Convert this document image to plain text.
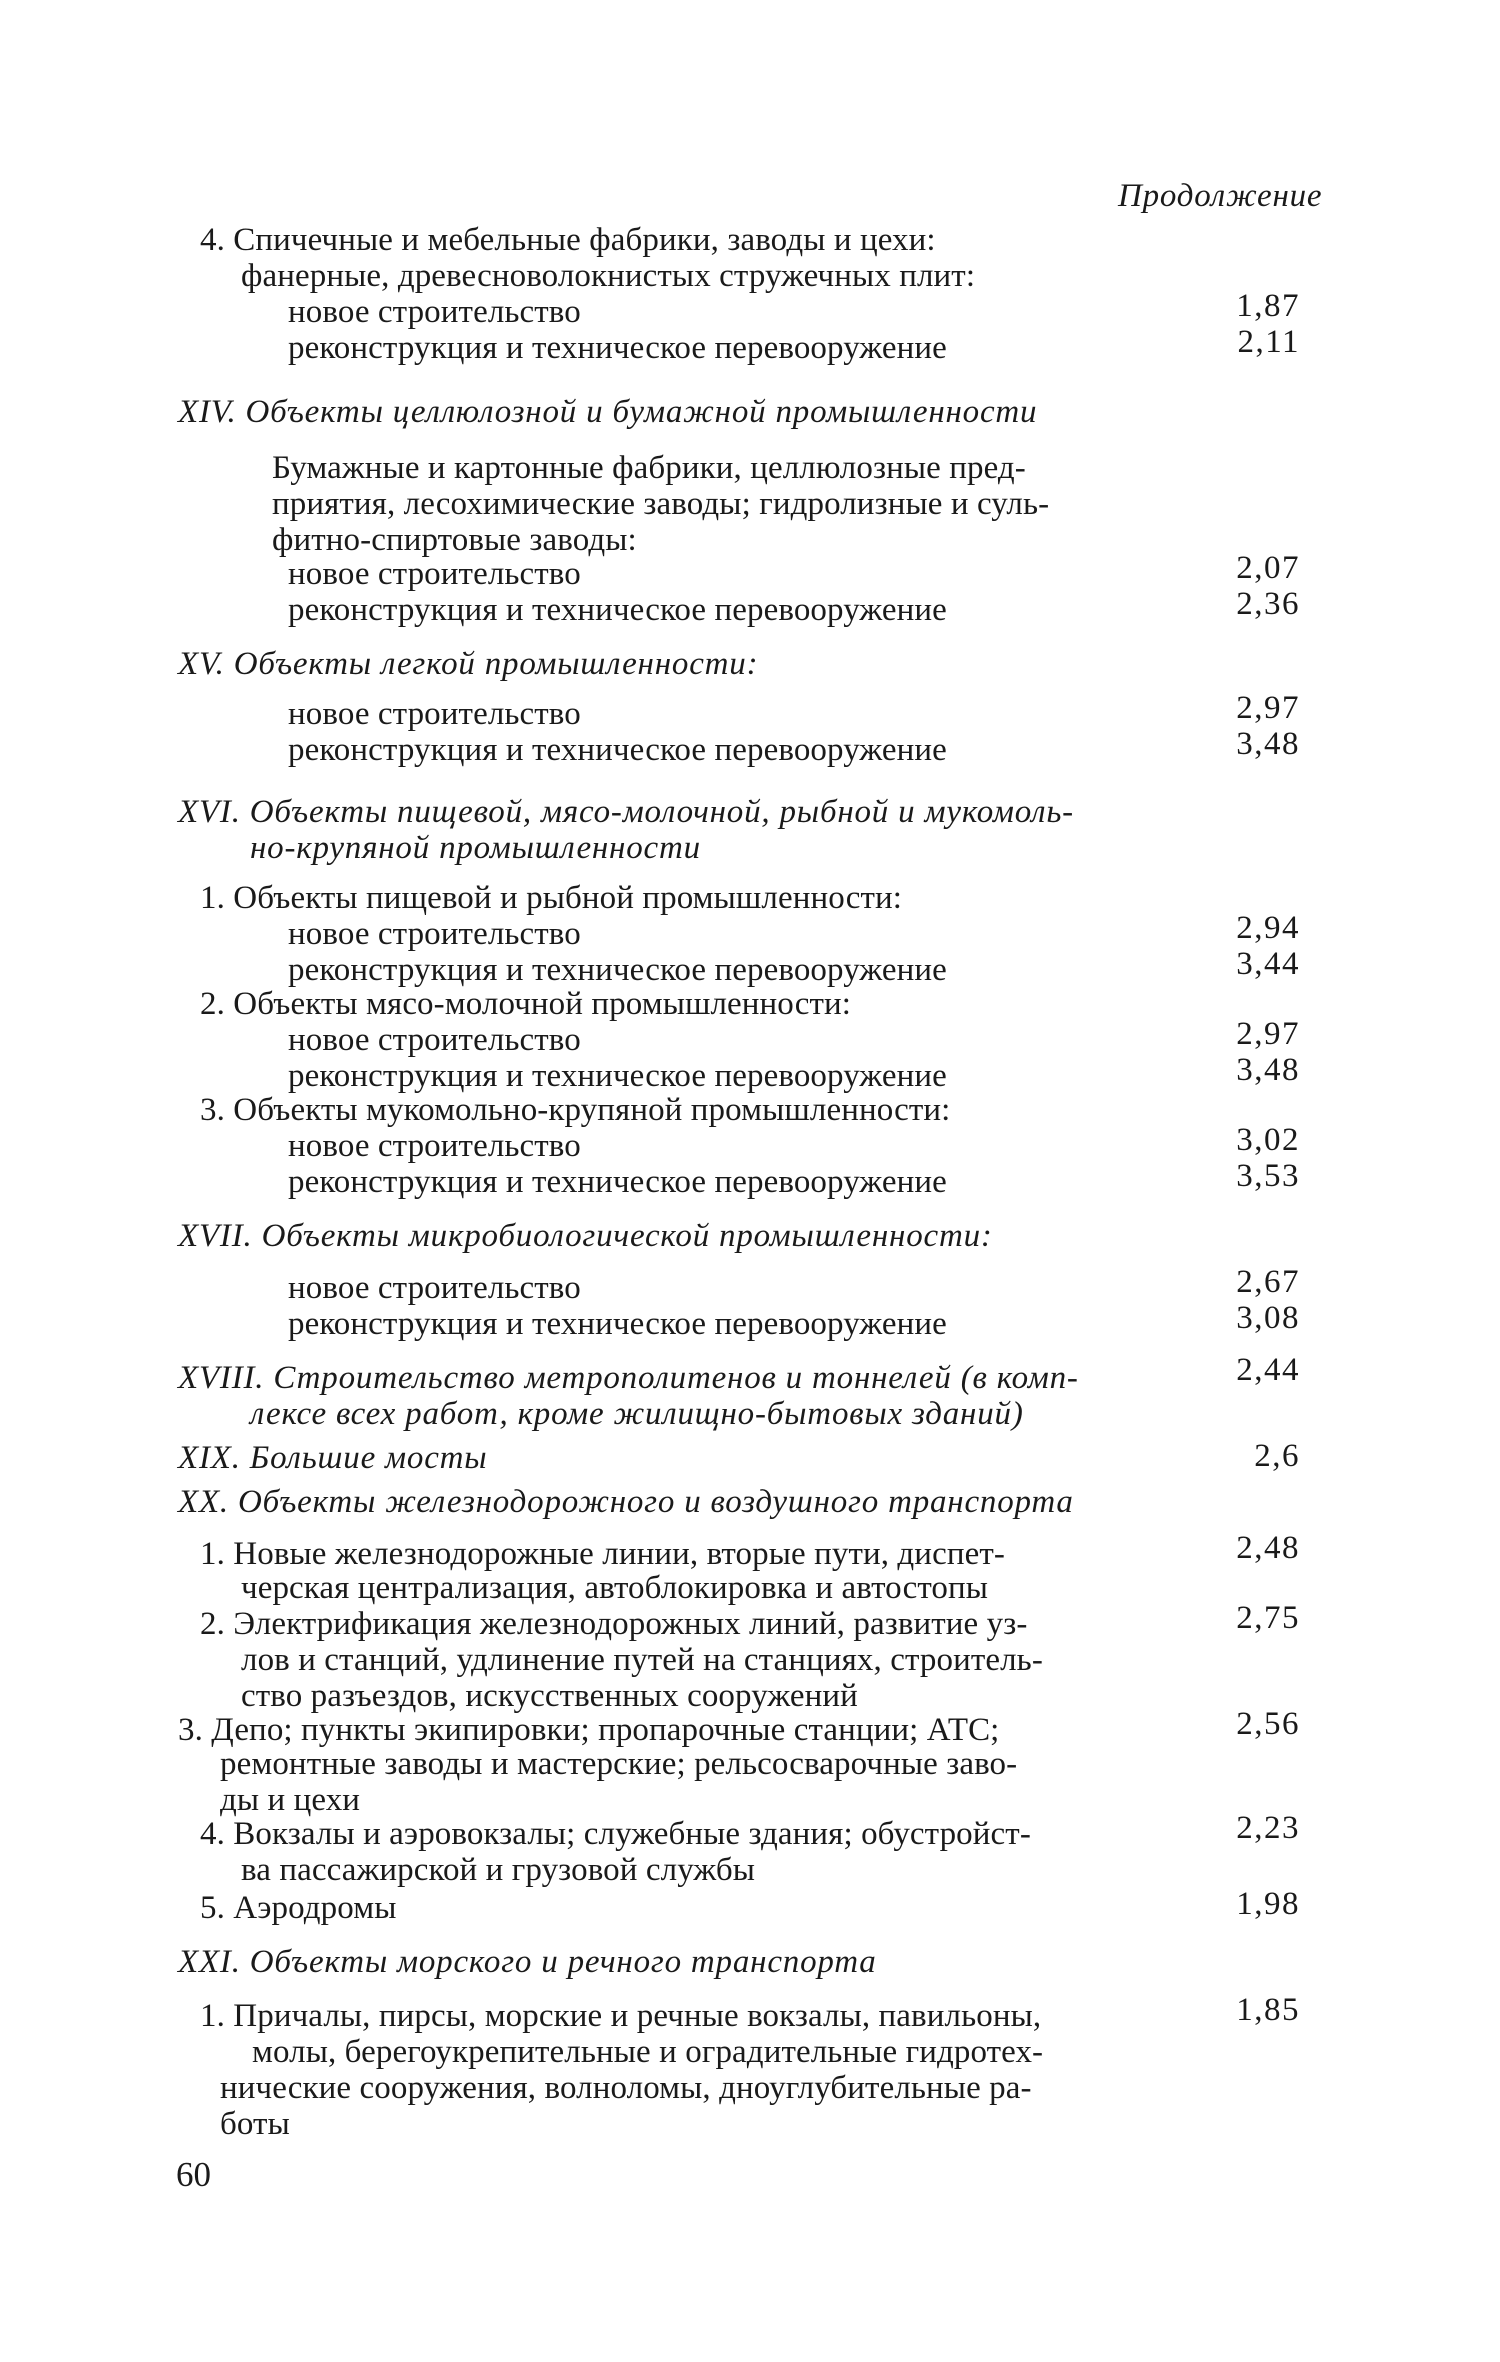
Продолжение
4. Спичечные и мебельные фабрики, заводы и цехи:
фанерные, древесноволокнистых стружечных плит:
новое строительство	1,87
реконструкция и техническое перевооружение	2,11
XIV. Объекты целлюлозной и бумажной промышленности
Бумажные и картонные фабрики, целлюлозные пред-
приятия, лесохимические заводы; гидролизные и суль-
фитно-спиртовые заводы:
новое строительство	2,07
реконструкция и техническое перевооружение	2,36
XV. Объекты легкой промышленности:
новое строительство	2,97
реконструкция и техническое перевооружение	3,48
XVI. Объекты пищевой, мясо-молочной, рыбной и мукомоль-
но-крупяной промышленности
1. Объекты пищевой и рыбной промышленности:
новое строительство	2,94
реконструкция и техническое перевооружение	3,44
2. Объекты мясо-молочной промышленности:
новое строительство	2,97
реконструкция и техническое перевооружение	3,48
3. Объекты мукомольно-крупяной промышленности:
новое строительство	3,02
реконструкция и техническое перевооружение	3,53
XVII. Объекты микробиологической промышленности:
новое строительство	2,67
реконструкция и техническое перевооружение	3,08
XVIII. Строительство метрополитенов и тоннелей (в комп-	2,44
лексе всех работ, кроме жилищно-бытовых зданий)
XIX. Большие мосты	2,6
XX. Объекты железнодорожного и воздушного транспорта
1. Новые железнодорожные линии, вторые пути, диспет-	2,48
черская централизация, автоблокировка и автостопы
2. Электрификация железнодорожных линий, развитие уз-	2,75
лов и станций, удлинение путей на станциях, строитель-
ство разъездов, искусственных сооружений
3. Депо; пункты экипировки; пропарочные станции; АТС;	2,56
ремонтные заводы и мастерские; рельсосварочные заво-
ды и цехи
4. Вокзалы и аэровокзалы; служебные здания; обустройст-	2,23
ва пассажирской и грузовой службы
5. Аэродромы	1,98
XXI. Объекты морского и речного транспорта
1. Причалы, пирсы, морские и речные вокзалы, павильоны,	1,85
молы, берегоукрепительные и оградительные гидротех-
нические сооружения, волноломы, дноуглубительные ра-
боты
60
